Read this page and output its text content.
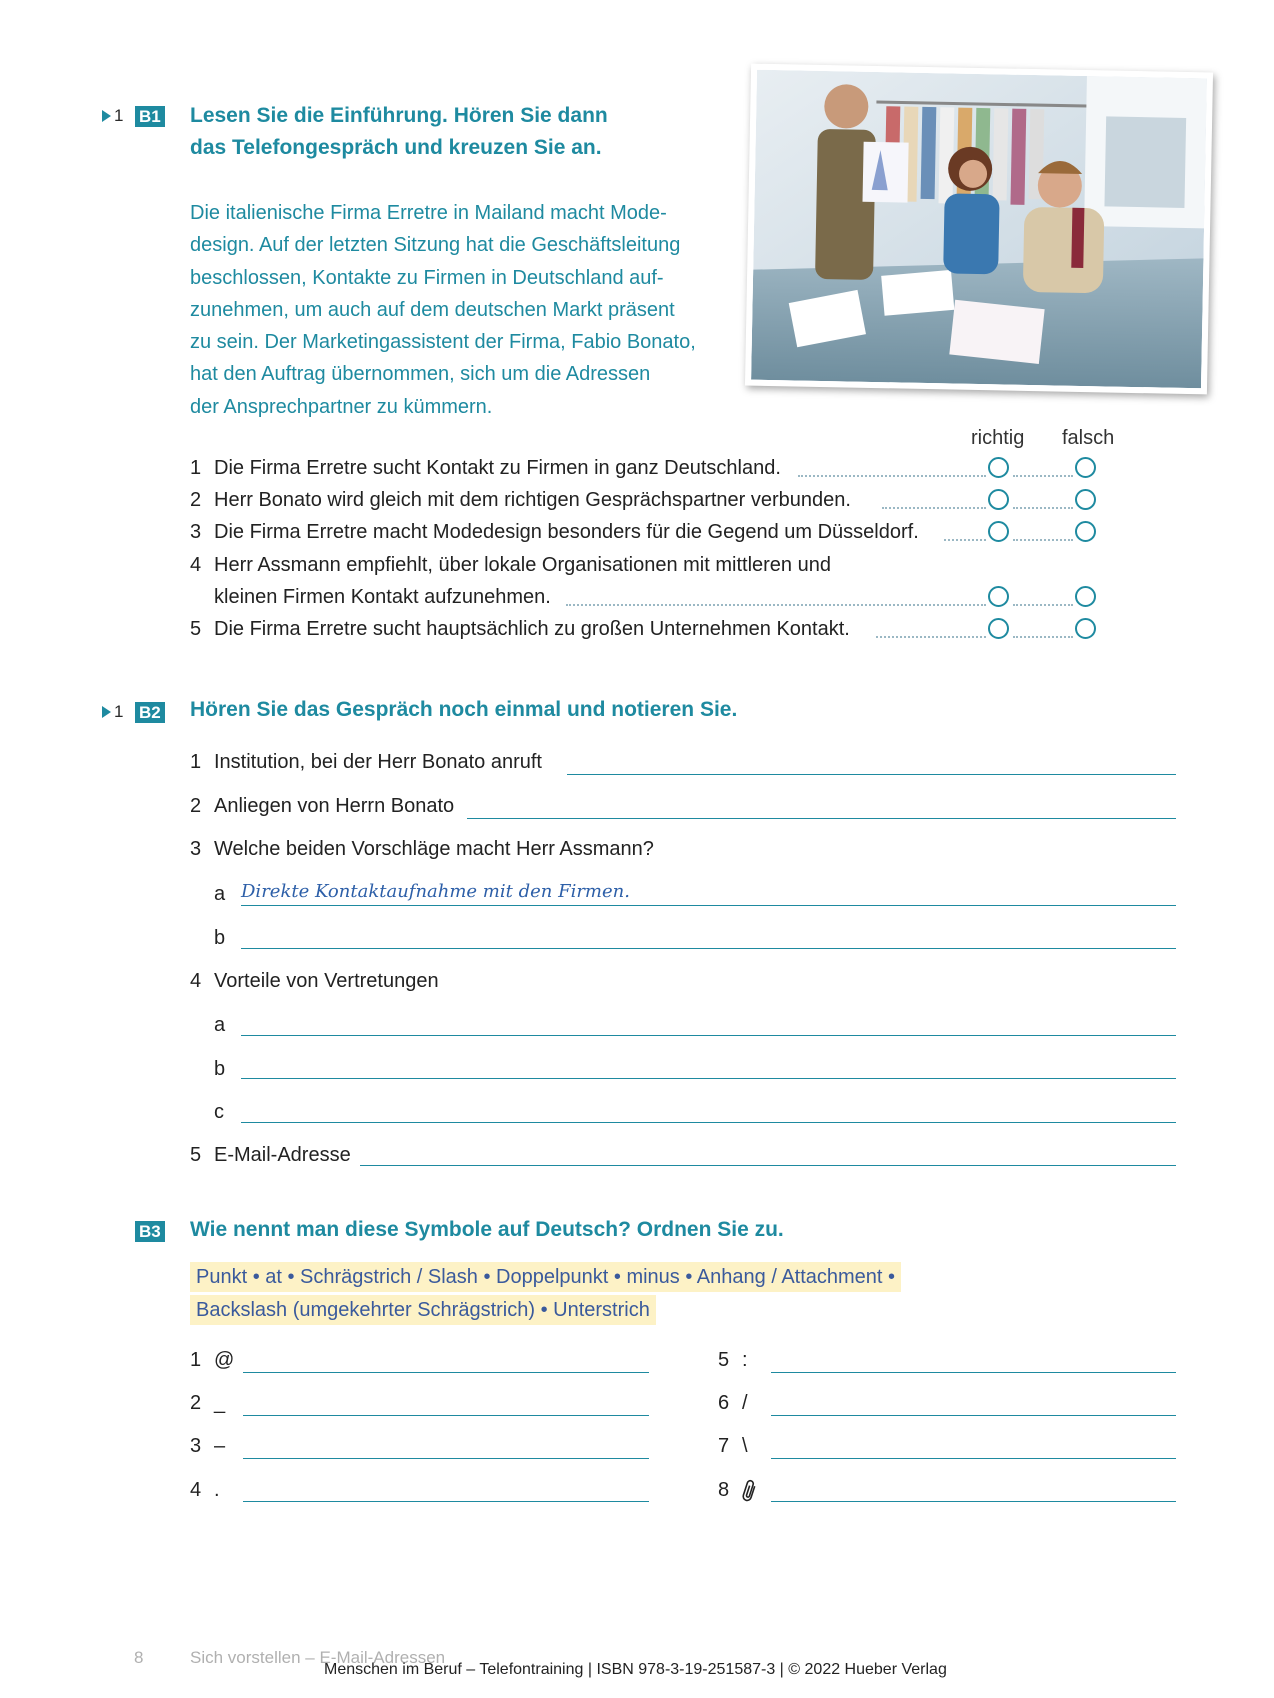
1 B1 Lesen Sie die Einführung. Hören Sie dann
das Telefongespräch und kreuzen Sie an.
Die italienische Firma Erretre in Mailand macht Mode-
design. Auf der letzten Sitzung hat die Geschäftsleitung
beschlossen, Kontakte zu Firmen in Deutschland auf-
zunehmen, um auch auf dem deutschen Markt präsent
zu sein. Der Marketingassistent der Firma, Fabio Bonato,
hat den Auftrag übernommen, sich um die Adressen
der Ansprechpartner zu kümmern.
richtig falsch
1 Die Firma Erretre sucht Kontakt zu Firmen in ganz Deutschland.
2 Herr Bonato wird gleich mit dem richtigen Gesprächspartner verbunden.
3 Die Firma Erretre macht Modedesign besonders für die Gegend um Düsseldorf.
4 Herr Assmann empfiehlt, über lokale Organisationen mit mittleren und
kleinen Firmen Kontakt aufzunehmen.
5 Die Firma Erretre sucht hauptsächlich zu großen Unternehmen Kontakt.
1 B2 Hören Sie das Gespräch noch einmal und notieren Sie.
1 Institution, bei der Herr Bonato anruft
2 Anliegen von Herrn Bonato
3 Welche beiden Vorschläge macht Herr Assmann?
a Direkte Kontaktaufnahme mit den Firmen.
b
4 Vorteile von Vertretungen
a
b
c
5 E-Mail-Adresse
B3 Wie nennt man diese Symbole auf Deutsch? Ordnen Sie zu.
Punkt • at • Schrägstrich / Slash • Doppelpunkt • minus • Anhang / Attachment •
Backslash (umgekehrter Schrägstrich) • Unterstrich
1 @
2 _
3 –
4 .
5 :
6 /
7 \
8
8	Sich vorstellen – E-Mail-Adressen
Menschen im Beruf – Telefontraining | ISBN 978-3-19-251587-3 | © 2022 Hueber Verlag
